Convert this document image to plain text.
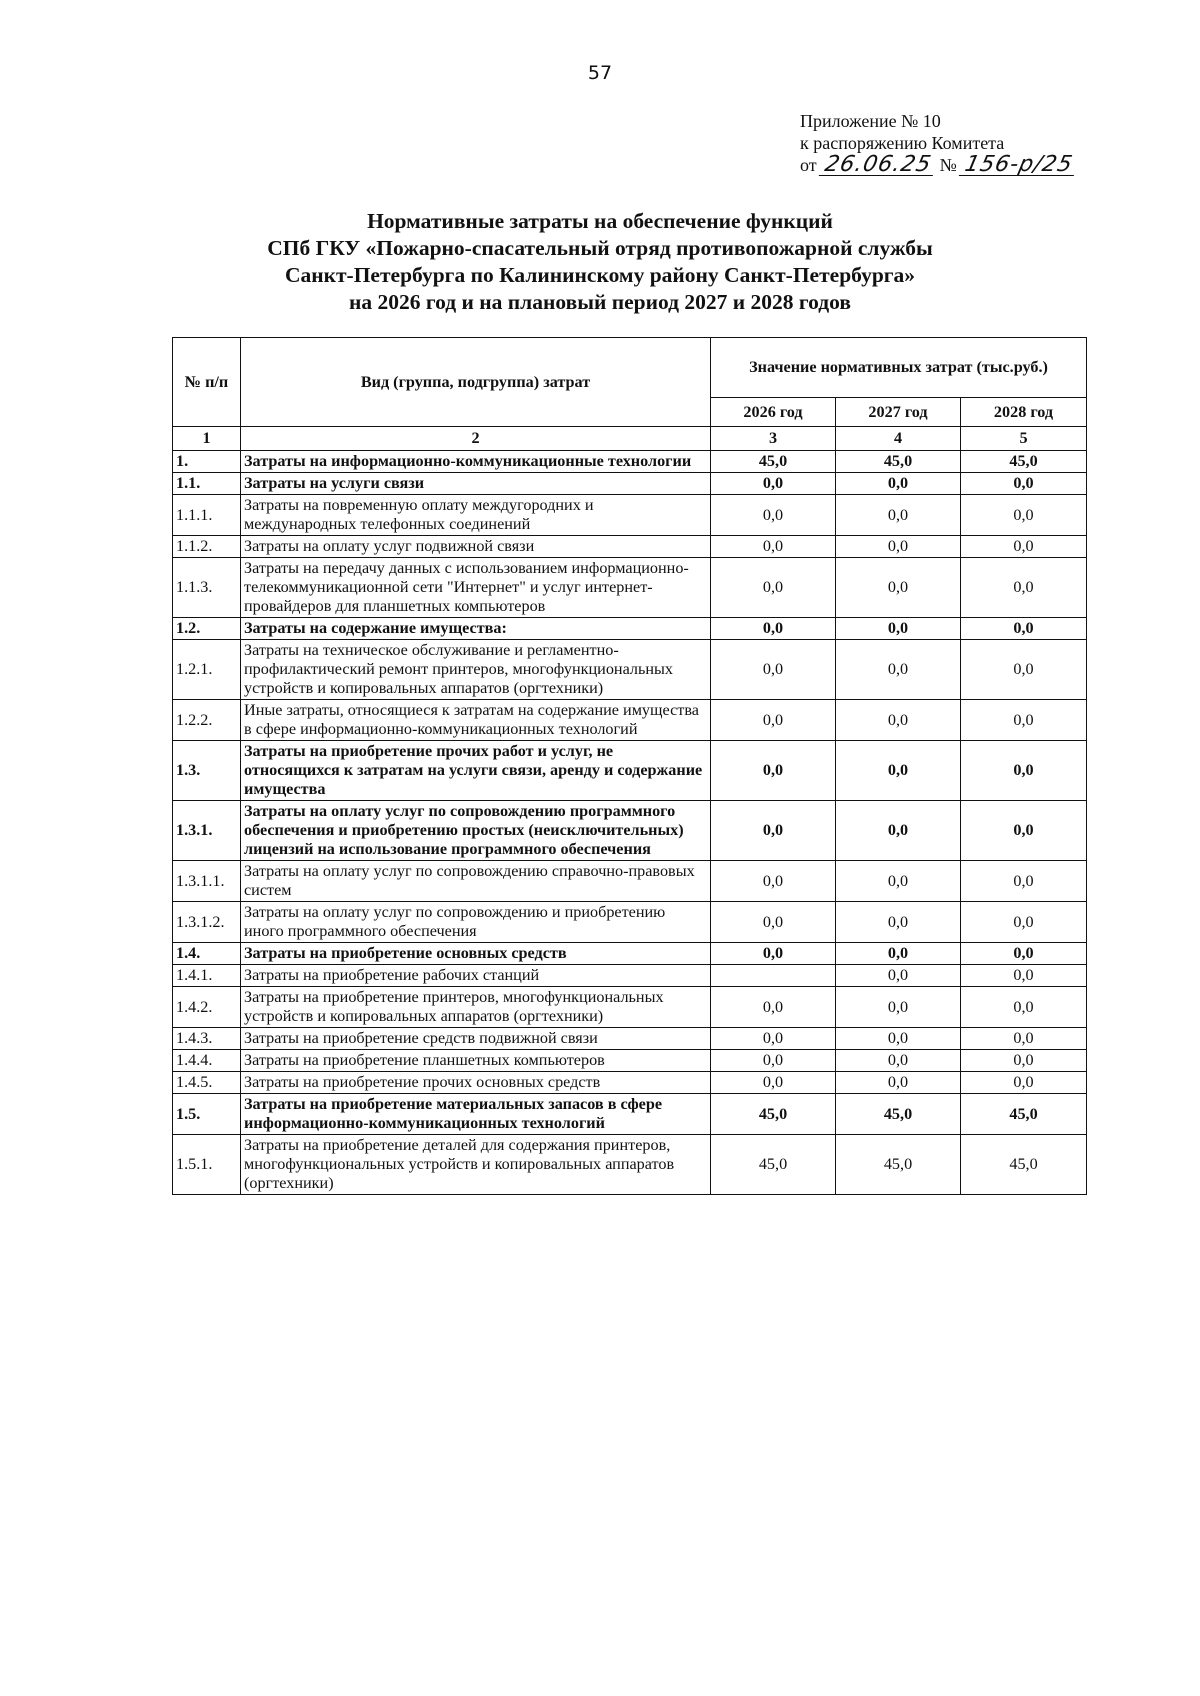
57
Приложение № 10
к распоряжению Комитета
от 26.06.25 № 156-р/25
Нормативные затраты на обеспечение функций
СПб ГКУ «Пожарно-спасательный отряд противопожарной службы
Санкт-Петербурга по Калининскому району Санкт-Петербурга»
на 2026 год и на плановый период 2027 и 2028 годов
№ п/п	Вид (группа, подгруппа) затрат	Значение нормативных затрат (тыс.руб.)		
		2026 год	2027 год	2028 год
1	2	3	4	5
1.	Затраты на информационно-коммуникационные технологии	45,0	45,0	45,0
1.1.	Затраты на услуги связи	0,0	0,0	0,0
1.1.1.	Затраты на повременную оплату междугородних и международных телефонных соединений	0,0	0,0	0,0
1.1.2.	Затраты на оплату услуг подвижной связи	0,0	0,0	0,0
1.1.3.	Затраты на передачу данных с использованием информационно-телекоммуникационной сети "Интернет" и услуг интернет-провайдеров для планшетных компьютеров	0,0	0,0	0,0
1.2.	Затраты на содержание имущества:	0,0	0,0	0,0
1.2.1.	Затраты на техническое обслуживание и регламентно-профилактический ремонт принтеров, многофункциональных устройств и копировальных аппаратов (оргтехники)	0,0	0,0	0,0
1.2.2.	Иные затраты, относящиеся к затратам на содержание имущества в сфере информационно-коммуникационных технологий	0,0	0,0	0,0
1.3.	Затраты на приобретение прочих работ и услуг, не относящихся к затратам на услуги связи, аренду и содержание имущества	0,0	0,0	0,0
1.3.1.	Затраты на оплату услуг по сопровождению программного обеспечения и приобретению простых (неисключительных) лицензий на использование программного обеспечения	0,0	0,0	0,0
1.3.1.1.	Затраты на оплату услуг по сопровождению справочно-правовых систем	0,0	0,0	0,0
1.3.1.2.	Затраты на оплату услуг по сопровождению и приобретению иного программного обеспечения	0,0	0,0	0,0
1.4.	Затраты на приобретение основных средств	0,0	0,0	0,0
1.4.1.	Затраты на приобретение рабочих станций		0,0	0,0
1.4.2.	Затраты на приобретение принтеров, многофункциональных устройств и копировальных аппаратов (оргтехники)	0,0	0,0	0,0
1.4.3.	Затраты на приобретение средств подвижной связи	0,0	0,0	0,0
1.4.4.	Затраты на приобретение планшетных компьютеров	0,0	0,0	0,0
1.4.5.	Затраты на приобретение прочих основных средств	0,0	0,0	0,0
1.5.	Затраты на приобретение материальных запасов в сфере информационно-коммуникационных технологий	45,0	45,0	45,0
1.5.1.	Затраты на приобретение деталей для содержания принтеров, многофункциональных устройств и копировальных аппаратов (оргтехники)	45,0	45,0	45,0
